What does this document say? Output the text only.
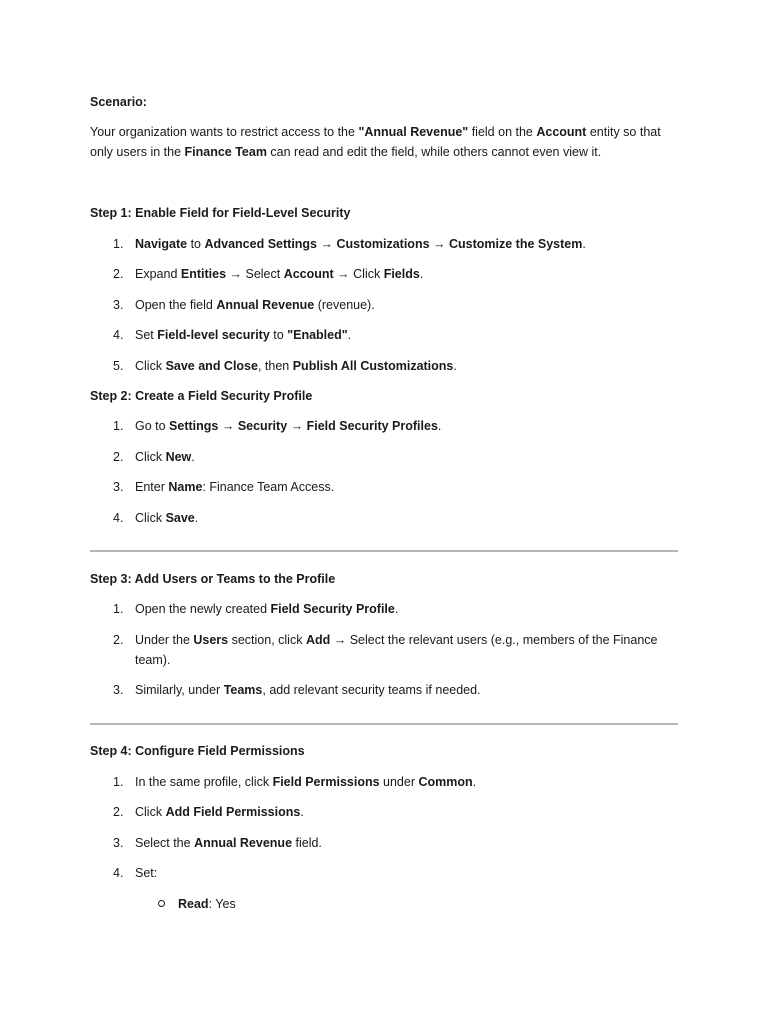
Scenario:
Your organization wants to restrict access to the "Annual Revenue" field on the Account entity so that
only users in the Finance Team can read and edit the field, while others cannot even view it.
Step 1: Enable Field for Field-Level Security
1. Navigate to Advanced Settings → Customizations → Customize the System.
2. Expand Entities → Select Account → Click Fields.
3. Open the field Annual Revenue (revenue).
4. Set Field-level security to "Enabled".
5. Click Save and Close, then Publish All Customizations.
Step 2: Create a Field Security Profile
1. Go to Settings → Security → Field Security Profiles.
2. Click New.
3. Enter Name: Finance Team Access.
4. Click Save.
Step 3: Add Users or Teams to the Profile
1. Open the newly created Field Security Profile.
2. Under the Users section, click Add → Select the relevant users (e.g., members of the Finance
team).
3. Similarly, under Teams, add relevant security teams if needed.
Step 4: Configure Field Permissions
1. In the same profile, click Field Permissions under Common.
2. Click Add Field Permissions.
3. Select the Annual Revenue field.
4. Set:
Read: Yes
